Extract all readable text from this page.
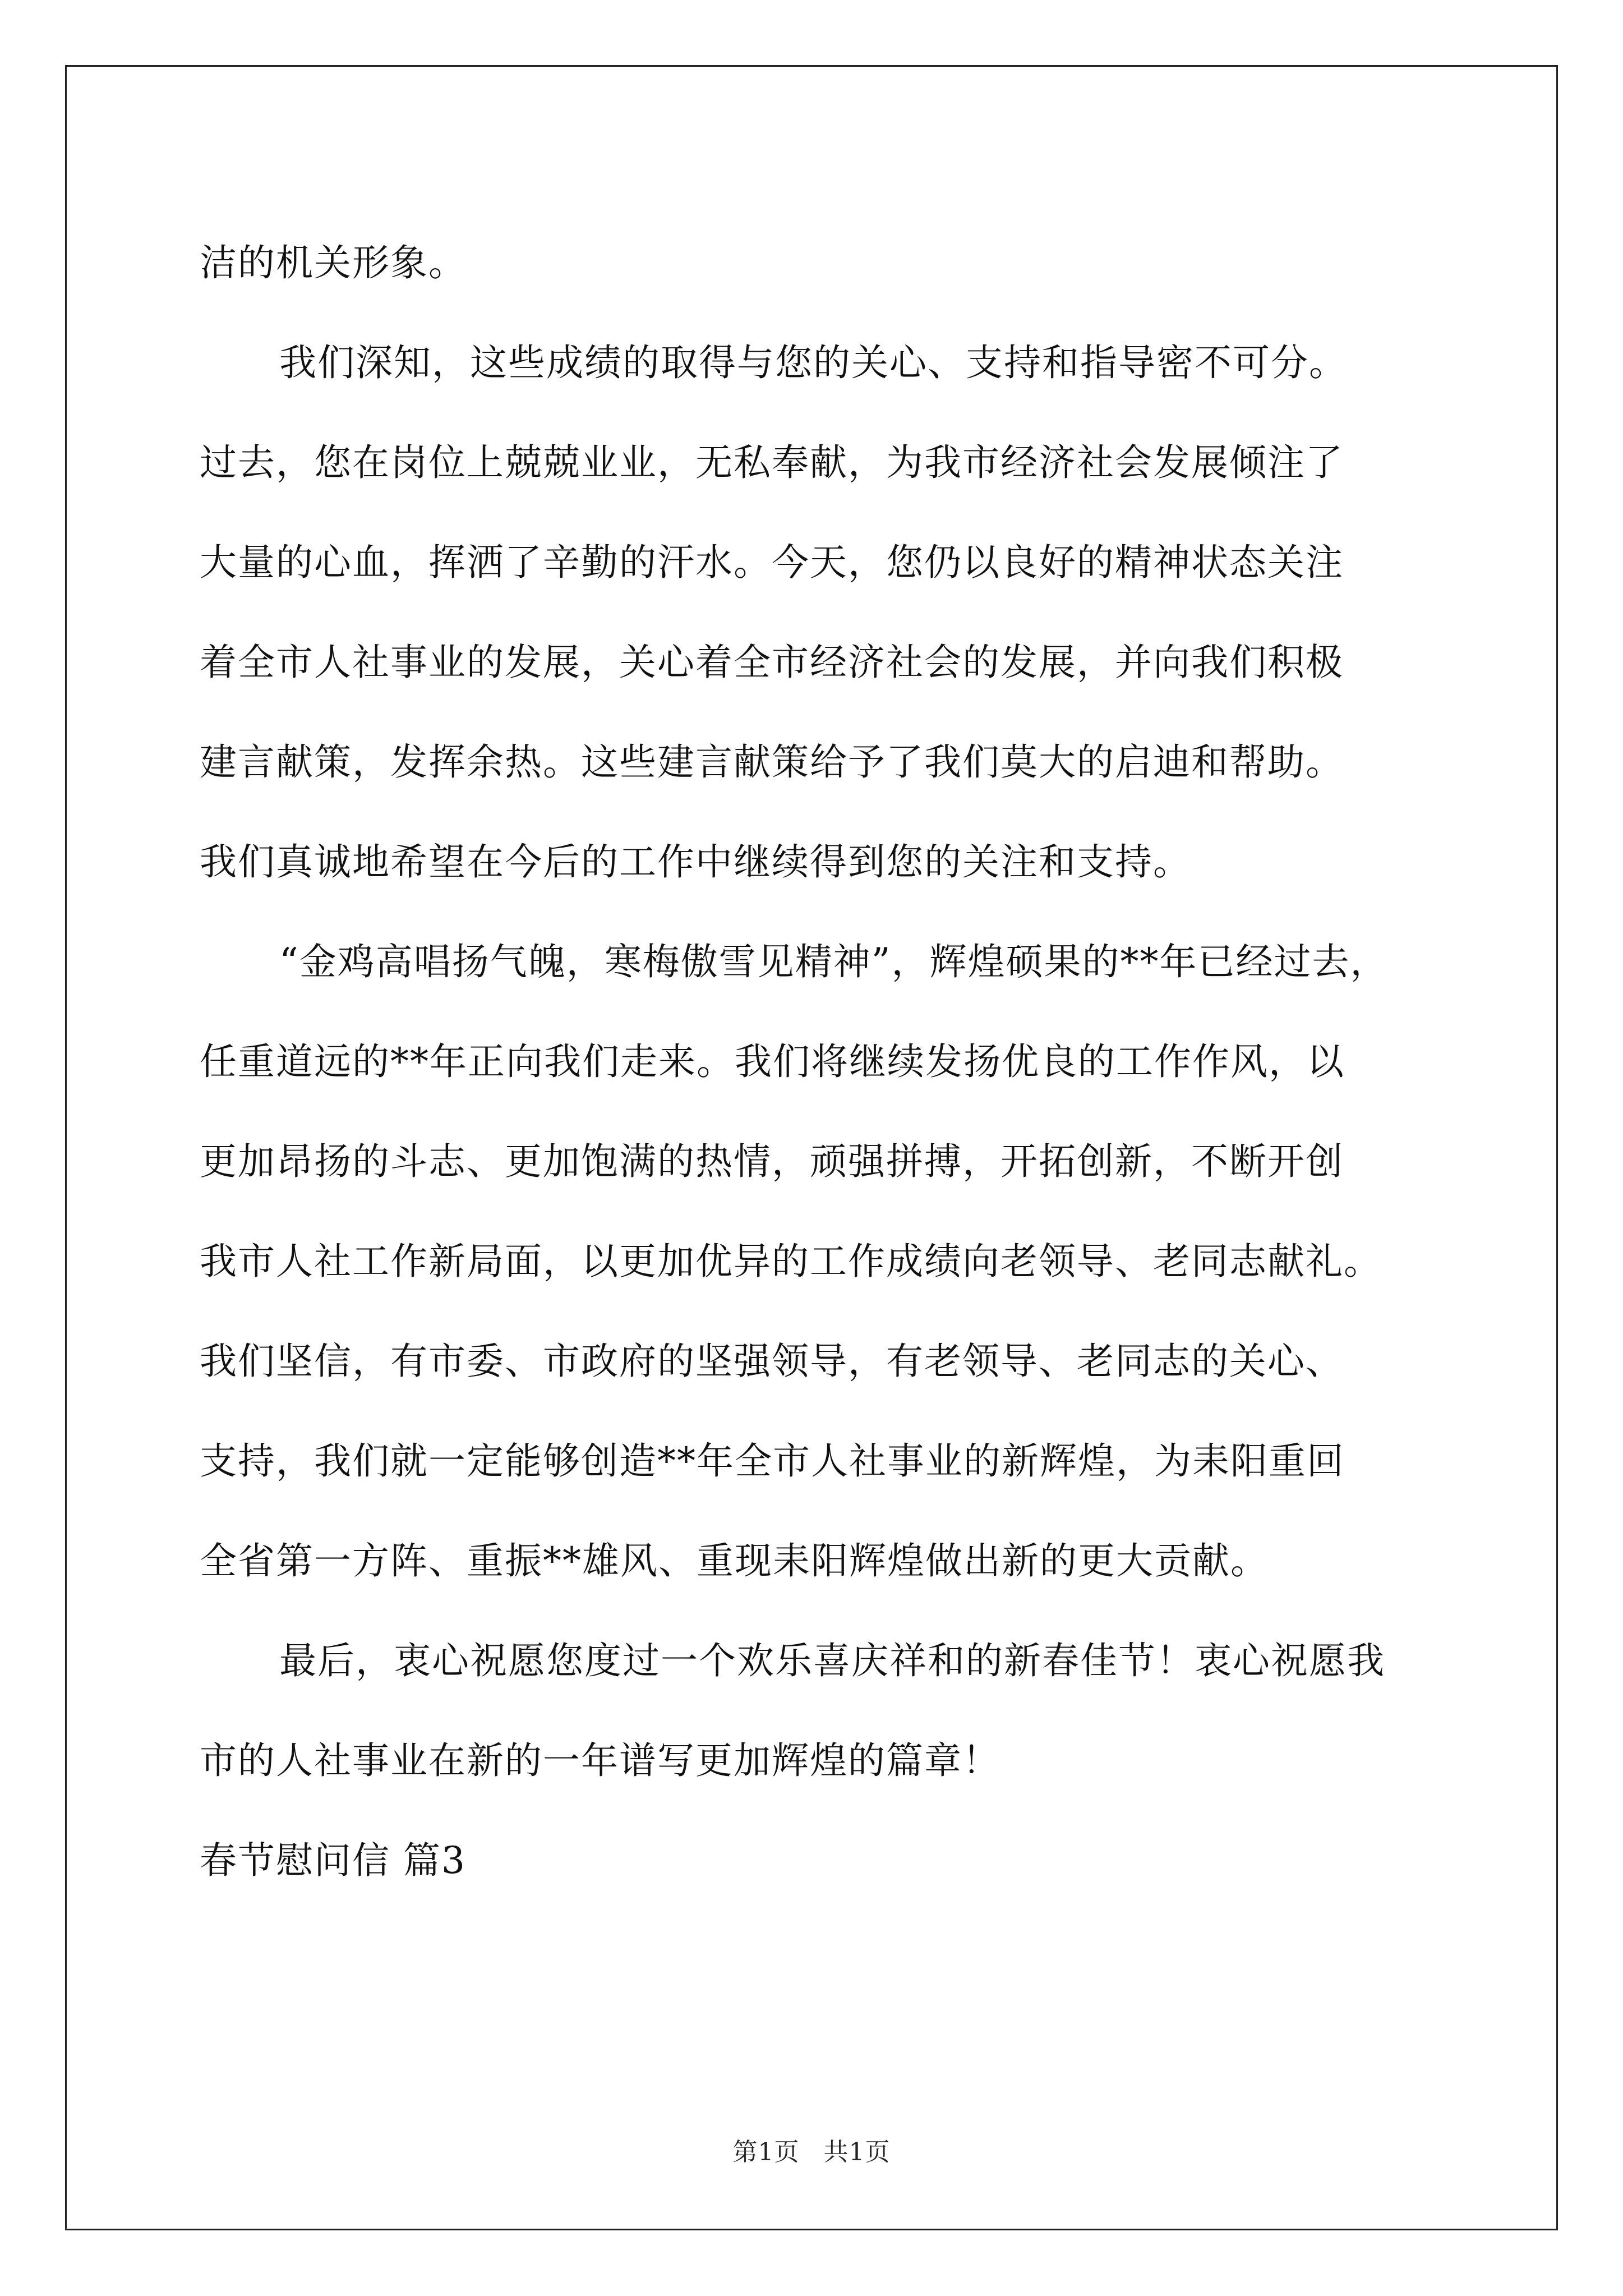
洁的机关形象。
我们深知，这些成绩的取得与您的关心、支持和指导密不可分。
过去，您在岗位上兢兢业业，无私奉献，为我市经济社会发展倾注了
大量的心血，挥洒了辛勤的汗水。今天，您仍以良好的精神状态关注
着全市人社事业的发展，关心着全市经济社会的发展，并向我们积极
建言献策，发挥余热。这些建言献策给予了我们莫大的启迪和帮助。
我们真诚地希望在今后的工作中继续得到您的关注和支持。
“金鸡高唱扬气魄，寒梅傲雪见精神”，辉煌硕果的**年已经过去，
任重道远的**年正向我们走来。我们将继续发扬优良的工作作风，以
更加昂扬的斗志、更加饱满的热情，顽强拼搏，开拓创新，不断开创
我市人社工作新局面，以更加优异的工作成绩向老领导、老同志献礼。
我们坚信，有市委、市政府的坚强领导，有老领导、老同志的关心、
支持，我们就一定能够创造**年全市人社事业的新辉煌，为耒阳重回
全省第一方阵、重振**雄风、重现耒阳辉煌做出新的更大贡献。
最后，衷心祝愿您度过一个欢乐喜庆祥和的新春佳节！衷心祝愿我
市的人社事业在新的一年谱写更加辉煌的篇章！
春节慰问信 篇3
第1页 共1页
